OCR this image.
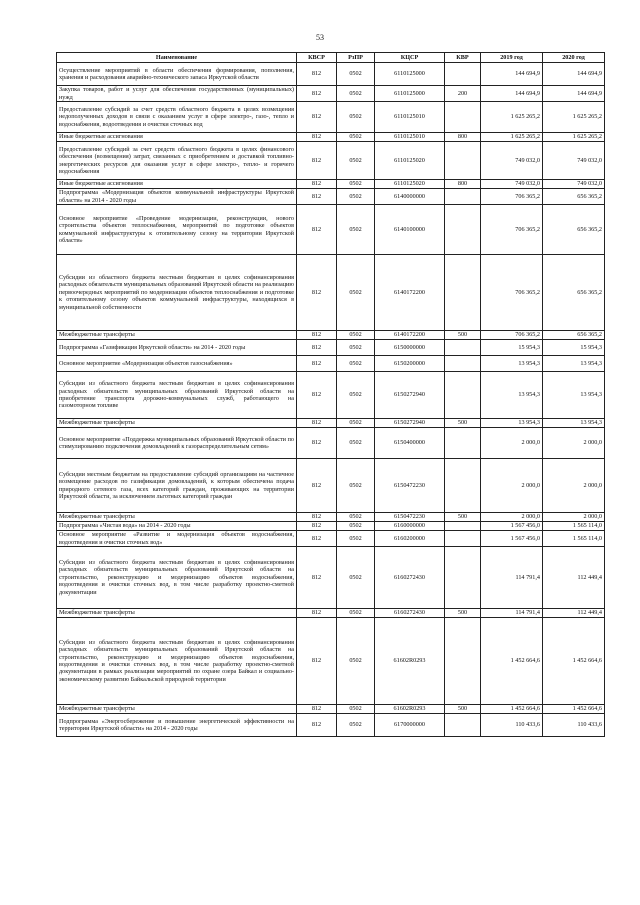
53
Наименование	КВСР	РзПР	КЦСР	КВР	2019 год	2020 год
Осуществление мероприятий в области обеспечения формирования, пополнения, хранения и расходования аварийно-технического запаса Иркутской области	812	0502	6110125000		144 694,9	144 694,9
Закупка товаров, работ и услуг для обеспечения государственных (муниципальных) нужд	812	0502	6110125000	200	144 694,9	144 694,9
Предоставление субсидий за счет средств областного бюджета в целях возмещения недополученных доходов в связи с оказанием услуг в сфере электро-, газо-, тепло и водоснабжения, водоотведения и очистки сточных вод	812	0502	6110125010		1 625 265,2	1 625 265,2
Иные бюджетные ассигнования	812	0502	6110125010	800	1 625 265,2	1 625 265,2
Предоставление субсидий за счет средств областного бюджета в целях финансового обеспечения (возмещения) затрат, связанных с приобретением и доставкой топливно-энергетических ресурсов для оказания услуг в сфере электро-, тепло- и горячего водоснабжения	812	0502	6110125020		749 032,0	749 032,0
Иные бюджетные ассигнования	812	0502	6110125020	800	749 032,0	749 032,0
Подпрограмма «Модернизация объектов коммунальной инфраструктуры Иркутской области» на 2014 - 2020 годы	812	0502	6140000000		706 365,2	656 365,2
Основное мероприятие «Проведение модернизации, реконструкции, нового строительства объектов теплоснабжения, мероприятий по подготовке объектов коммунальной инфраструктуры к отопительному сезону на территории Иркутской области»	812	0502	6140100000		706 365,2	656 365,2
Субсидии из областного бюджета местным бюджетам в целях софинансирования расходных обязательств муниципальных образований Иркутской области на реализацию первоочередных мероприятий по модернизации объектов теплоснабжения и подготовке к отопительному сезону объектов коммунальной инфраструктуры, находящихся в муниципальной собственности	812	0502	6140172200		706 365,2	656 365,2
Межбюджетные трансферты	812	0502	6140172200	500	706 365,2	656 365,2
Подпрограмма «Газификация Иркутской области» на 2014 - 2020 годы	812	0502	6150000000		15 954,3	15 954,3
Основное мероприятие «Модернизация объектов газоснабжения»	812	0502	6150200000		13 954,3	13 954,3
Субсидии из областного бюджета местным бюджетам в целях софинансирования расходных обязательств муниципальных образований Иркутской области на приобретение транспорта дорожно-коммунальных служб, работающего на газомоторном топливе	812	0502	6150272940		13 954,3	13 954,3
Межбюджетные трансферты	812	0502	6150272940	500	13 954,3	13 954,3
Основное мероприятие «Поддержка муниципальных образований Иркутской области по стимулированию подключения домовладений к газораспределительным сетям»	812	0502	6150400000		2 000,0	2 000,0
Субсидии местным бюджетам на предоставление субсидий организациям на частичное возмещение расходов по газификации домовладений, к которым обеспечена подача природного сетевого газа, всех категорий граждан, проживающих на территории Иркутской области, за исключением льготных категорий граждан	812	0502	6150472230		2 000,0	2 000,0
Межбюджетные трансферты	812	0502	6150472230	500	2 000,0	2 000,0
Подпрограмма «Чистая вода» на 2014 - 2020 годы	812	0502	6160000000		1 567 456,0	1 565 114,0
Основное мероприятие «Развитие и модернизация объектов водоснабжения, водоотведения и очистки сточных вод»	812	0502	6160200000		1 567 456,0	1 565 114,0
Субсидии из областного бюджета местным бюджетам в целях софинансирования расходных обязательств муниципальных образований Иркутской области на строительство, реконструкцию и модернизацию объектов водоснабжения, водоотведения и очистки сточных вод, в том числе разработку проектно-сметной документации	812	0502	6160272430		114 791,4	112 449,4
Межбюджетные трансферты	812	0502	6160272430	500	114 791,4	112 449,4
Субсидии из областного бюджета местным бюджетам в целях софинансирования расходных обязательств муниципальных образований Иркутской области на строительство, реконструкцию и модернизацию объектов водоснабжения, водоотведения и очистки сточных вод, в том числе разработку проектно-сметной документации в рамках реализации мероприятий по охране озера Байкал и социально-экономическому развитию Байкальской природной территории	812	0502	61602R0293		1 452 664,6	1 452 664,6
Межбюджетные трансферты	812	0502	61602R0293	500	1 452 664,6	1 452 664,6
Подпрограмма «Энергосбережение и повышение энергетической эффективности на территории Иркутской области» на 2014 - 2020 годы	812	0502	6170000000		110 433,6	110 433,6
